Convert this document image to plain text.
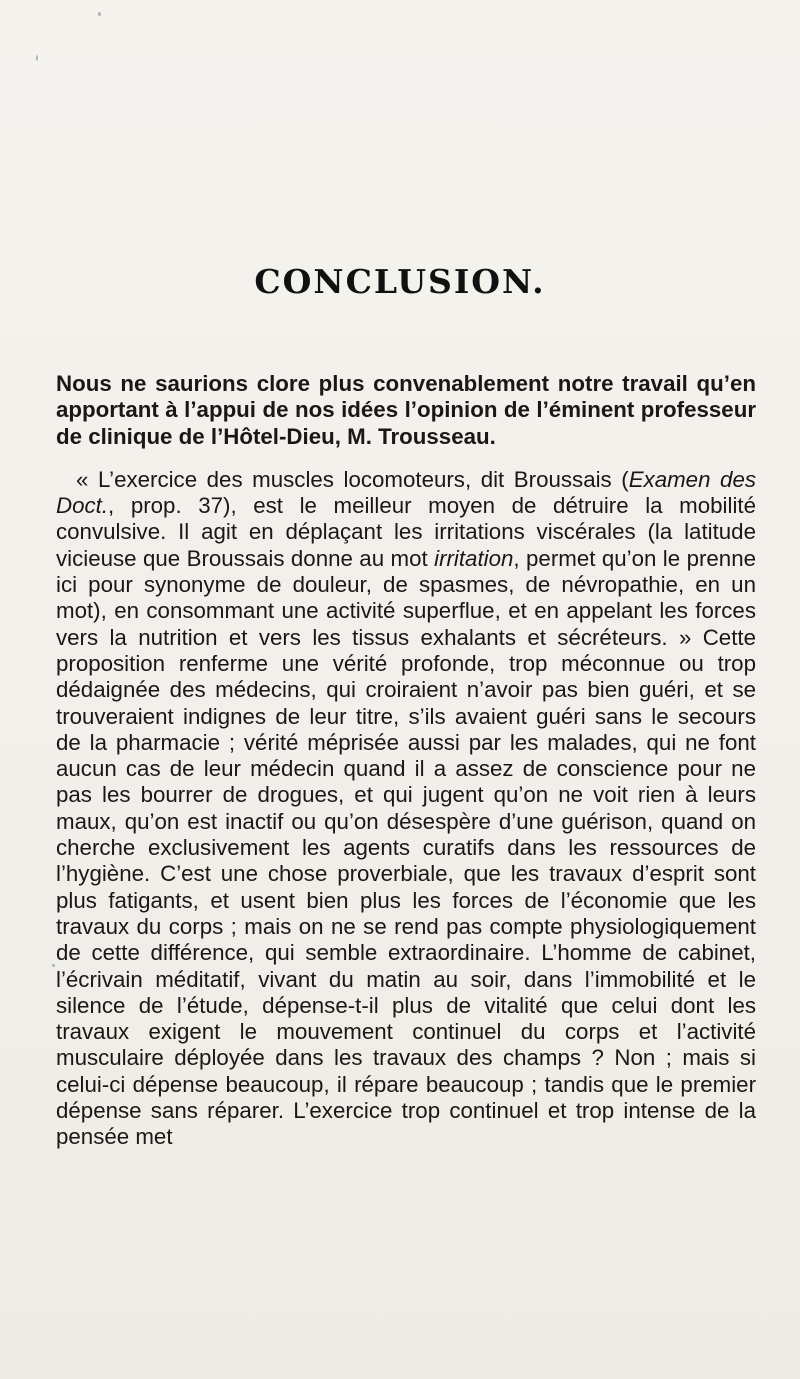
CONCLUSION.

Nous ne saurions clore plus convenablement notre travail qu’en apportant à l’appui de nos idées l’opinion de l’éminent professeur de clinique de l’Hôtel-Dieu, M. Trousseau.

« L’exercice des muscles locomoteurs, dit Broussais (Examen des Doct., prop. 37), est le meilleur moyen de détruire la mobilité convulsive. Il agit en déplaçant les irritations viscérales (la latitude vicieuse que Broussais donne au mot irritation, permet qu’on le prenne ici pour synonyme de douleur, de spasmes, de névropathie, en un mot), en consommant une activité superflue, et en appelant les forces vers la nutrition et vers les tissus exhalants et sécréteurs. » Cette proposition renferme une vérité profonde, trop méconnue ou trop dédaignée des médecins, qui croiraient n’avoir pas bien guéri, et se trouveraient indignes de leur titre, s’ils avaient guéri sans le secours de la pharmacie ; vérité méprisée aussi par les malades, qui ne font aucun cas de leur médecin quand il a assez de conscience pour ne pas les bourrer de drogues, et qui jugent qu’on ne voit rien à leurs maux, qu’on est inactif ou qu’on désespère d’une guérison, quand on cherche exclusivement les agents curatifs dans les ressources de l’hygiène. C’est une chose proverbiale, que les travaux d’esprit sont plus fatigants, et usent bien plus les forces de l’économie que les travaux du corps ; mais on ne se rend pas compte physiologiquement de cette différence, qui semble extraordinaire. L’homme de cabinet, l’écrivain méditatif, vivant du matin au soir, dans l’immobilité et le silence de l’étude, dépense-t-il plus de vitalité que celui dont les travaux exigent le mouvement continuel du corps et l’activité musculaire déployée dans les travaux des champs ? Non ; mais si celui-ci dépense beaucoup, il répare beaucoup ; tandis que le premier dépense sans réparer. L’exercice trop continuel et trop intense de la pensée met
